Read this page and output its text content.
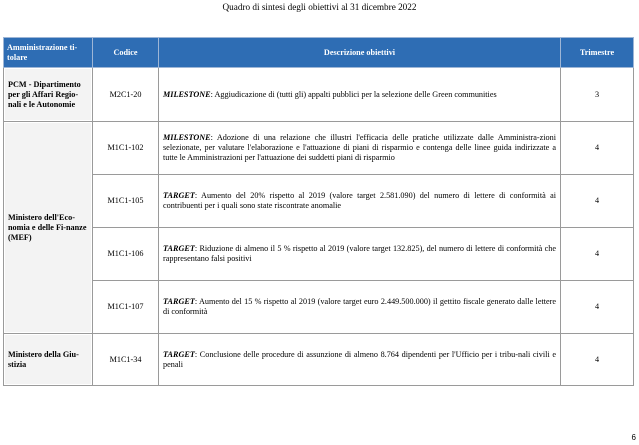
Quadro di sintesi degli obiettivi al 31 dicembre 2022
Amministrazione ti-tolare	Codice	Descrizione obiettivi	Trimestre
PCM - Dipartimento per gli Affari Regio-nali e le Autonomie	M2C1-20	MILESTONE: Aggiudicazione di (tutti gli) appalti pubblici per la selezione delle Green communities	3
Ministero dell'Eco-nomia e delle Fi-nanze (MEF)	M1C1-102	MILESTONE: Adozione di una relazione che illustri l'efficacia delle pratiche utilizzate dalle Amministra-zioni selezionate, per valutare l'elaborazione e l'attuazione di piani di risparmio e contenga delle linee guida indirizzate a tutte le Amministrazioni per l'attuazione dei suddetti piani di risparmio	4
	M1C1-105	TARGET: Aumento del 20% rispetto al 2019 (valore target 2.581.090) del numero di lettere di conformità ai contribuenti per i quali sono state riscontrate anomalie	4
	M1C1-106	TARGET: Riduzione di almeno il 5 % rispetto al 2019 (valore target 132.825), del numero di lettere di conformità che rappresentano falsi positivi	4
	M1C1-107	TARGET: Aumento del 15 % rispetto al 2019 (valore target euro 2.449.500.000) il gettito fiscale generato dalle lettere di conformità	4
Ministero della Giu-stizia	M1C1-34	TARGET: Conclusione delle procedure di assunzione di almeno 8.764 dipendenti per l'Ufficio per i tribu-nali civili e penali	4
6
